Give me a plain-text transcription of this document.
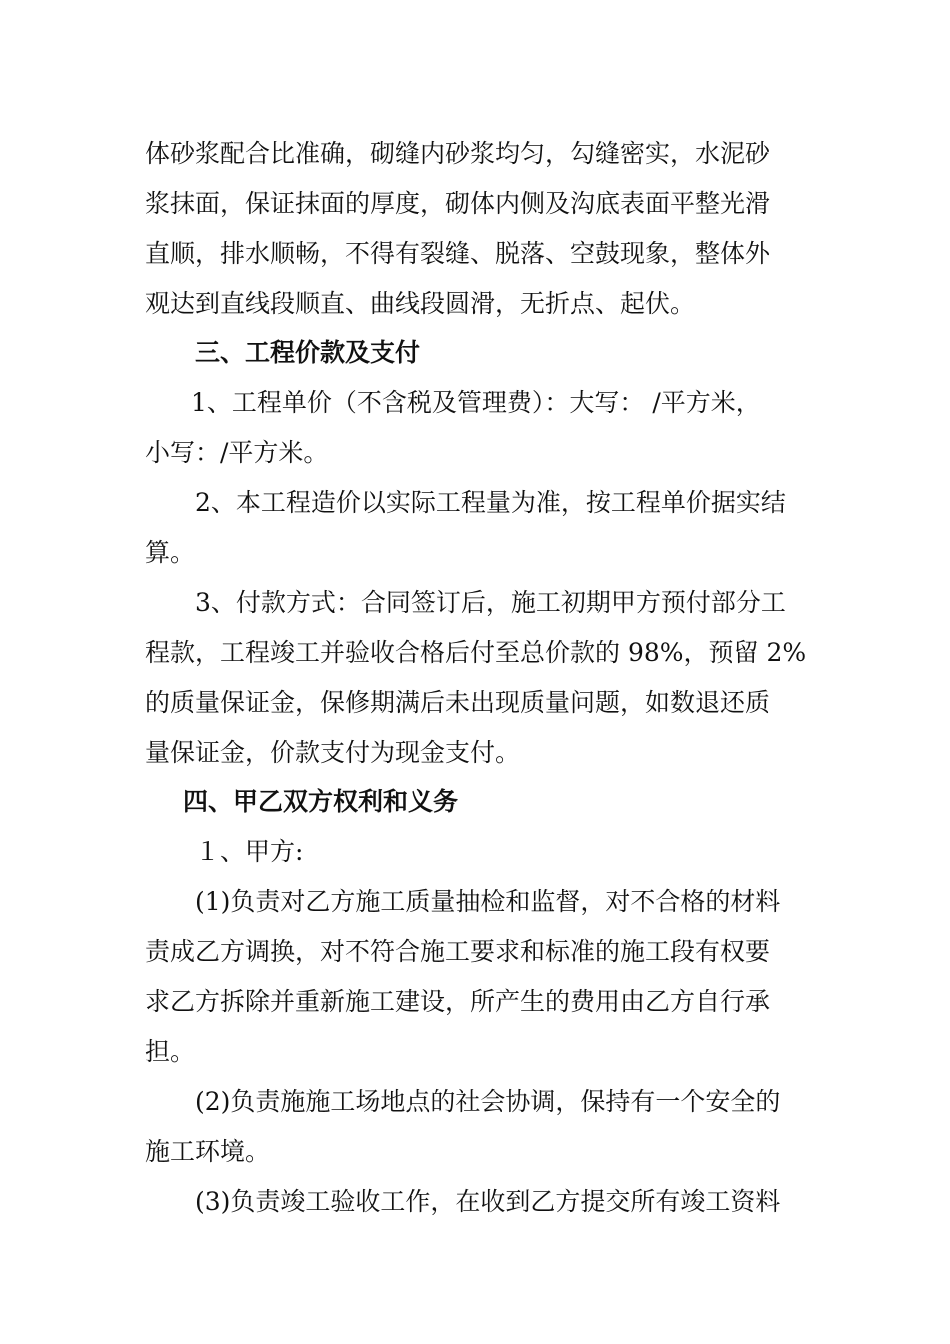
体砂浆配合比准确，砌缝内砂浆均匀，勾缝密实，水泥砂
浆抹面，保证抹面的厚度，砌体内侧及沟底表面平整光滑
直顺，排水顺畅，不得有裂缝、脱落、空鼓现象，整体外
观达到直线段顺直、曲线段圆滑，无折点、起伏。
三、工程价款及支付
1、工程单价（不含税及管理费）：大写： /平方米，
小写：/平方米。
2、本工程造价以实际工程量为准，按工程单价据实结
算。
3、付款方式：合同签订后，施工初期甲方预付部分工
程款，工程竣工并验收合格后付至总价款的 98%，预留 2%
的质量保证金，保修期满后未出现质量问题，如数退还质
量保证金，价款支付为现金支付。
四、甲乙双方权利和义务
１、甲方:
(1)负责对乙方施工质量抽检和监督，对不合格的材料
责成乙方调换，对不符合施工要求和标准的施工段有权要
求乙方拆除并重新施工建设，所产生的费用由乙方自行承
担。
(2)负责施施工场地点的社会协调，保持有一个安全的
施工环境。
(3)负责竣工验收工作，在收到乙方提交所有竣工资料
